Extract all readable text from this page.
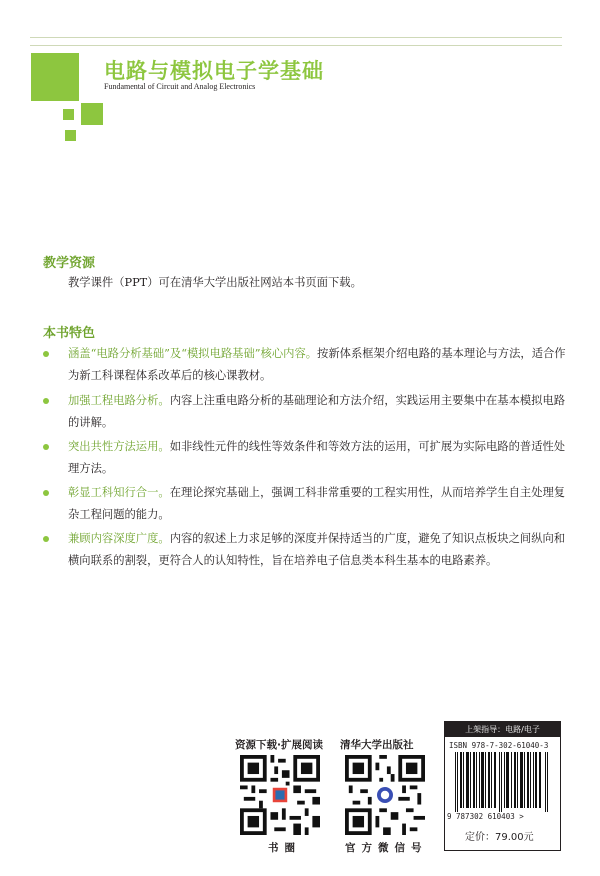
电路与模拟电子学基础
Fundamental of Circuit and Analog Electronics
教学资源
教学课件（PPT）可在清华大学出版社网站本书页面下载。
本书特色
涵盖“电路分析基础”及“模拟电路基础”核心内容。按新体系框架介绍电路的基本理论与方法，适合作为新工科课程体系改革后的核心课教材。
加强工程电路分析。内容上注重电路分析的基础理论和方法介绍，实践运用主要集中在基本模拟电路的讲解。
突出共性方法运用。如非线性元件的线性等效条件和等效方法的运用，可扩展为实际电路的普适性处理方法。
彰显工科知行合一。在理论探究基础上，强调工科非常重要的工程实用性，从而培养学生自主处理复杂工程问题的能力。
兼顾内容深度广度。内容的叙述上力求足够的深度并保持适当的广度，避免了知识点板块之间纵向和横向联系的割裂，更符合人的认知特性，旨在培养电子信息类本科生基本的电路素养。
资源下载·扩展阅读
书圈
清华大学出版社
官方微信号
上架指导：电路/电子
ISBN 978-7-302-61040-3
9 787302 610403 >
定价：79.00元
